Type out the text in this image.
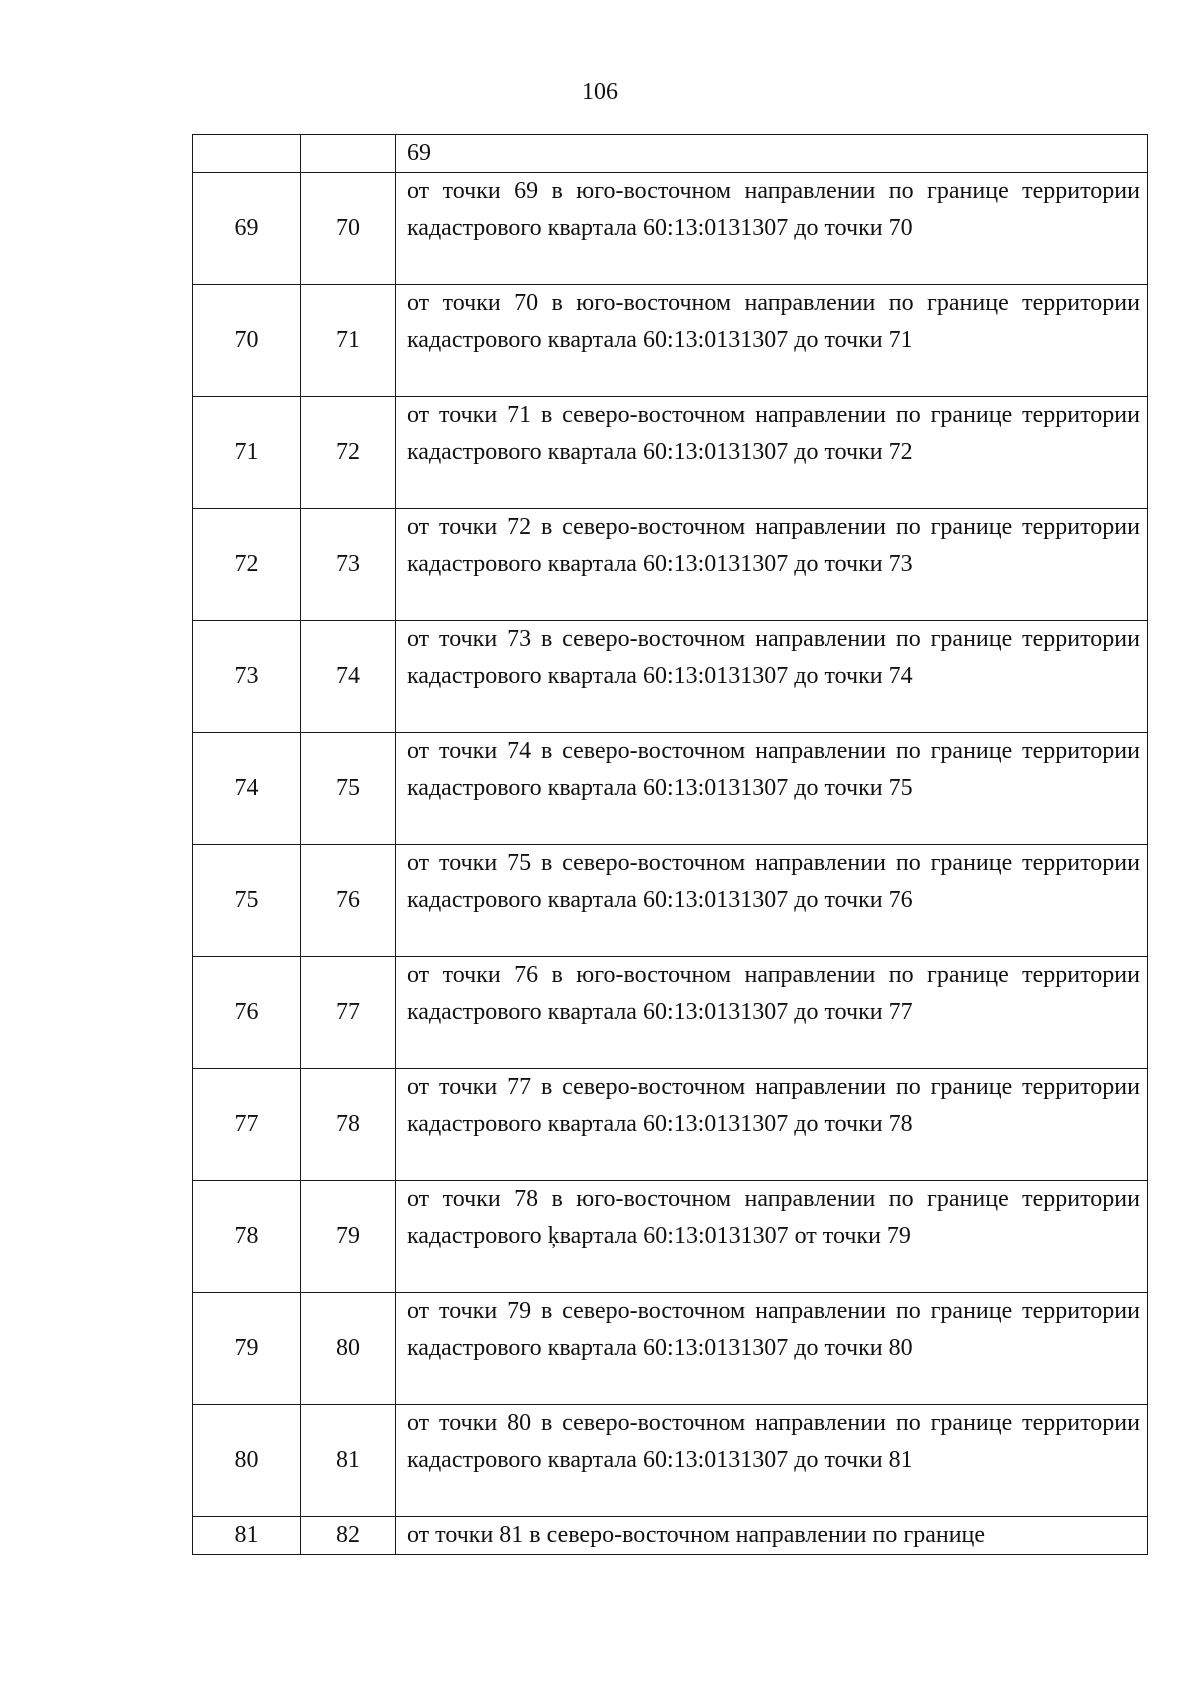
106
		69
69	70	от точки 69 в юго-восточном направлении по границе территории кадастрового квартала 60:13:0131307 до точки 70
70	71	от точки 70 в юго-восточном направлении по границе территории кадастрового квартала 60:13:0131307 до точки 71
71	72	от точки 71 в северо-восточном направлении по границе территории кадастрового квартала 60:13:0131307 до точки 72
72	73	от точки 72 в северо-восточном направлении по границе территории кадастрового квартала 60:13:0131307 до точки 73
73	74	от точки 73 в северо-восточном направлении по границе территории кадастрового квартала 60:13:0131307 до точки 74
74	75	от точки 74 в северо-восточном направлении по границе территории кадастрового квартала 60:13:0131307 до точки 75
75	76	от точки 75 в северо-восточном направлении по границе территории кадастрового квартала 60:13:0131307 до точки 76
76	77	от точки 76 в юго-восточном направлении по границе территории кадастрового квартала 60:13:0131307 до точки 77
77	78	от точки 77 в северо-восточном направлении по границе территории кадастрового квартала 60:13:0131307 до точки 78
78	79	от точки 78 в юго-восточном направлении по границе территории кадастрового ķвартала 60:13:0131307 от точки 79
79	80	от точки 79 в северо-восточном направлении по границе территории кадастрового квартала 60:13:0131307 до точки 80
80	81	от точки 80 в северо-восточном направлении по границе территории кадастрового квартала 60:13:0131307 до точки 81
81	82	от точки 81 в северо-восточном направлении по границе
